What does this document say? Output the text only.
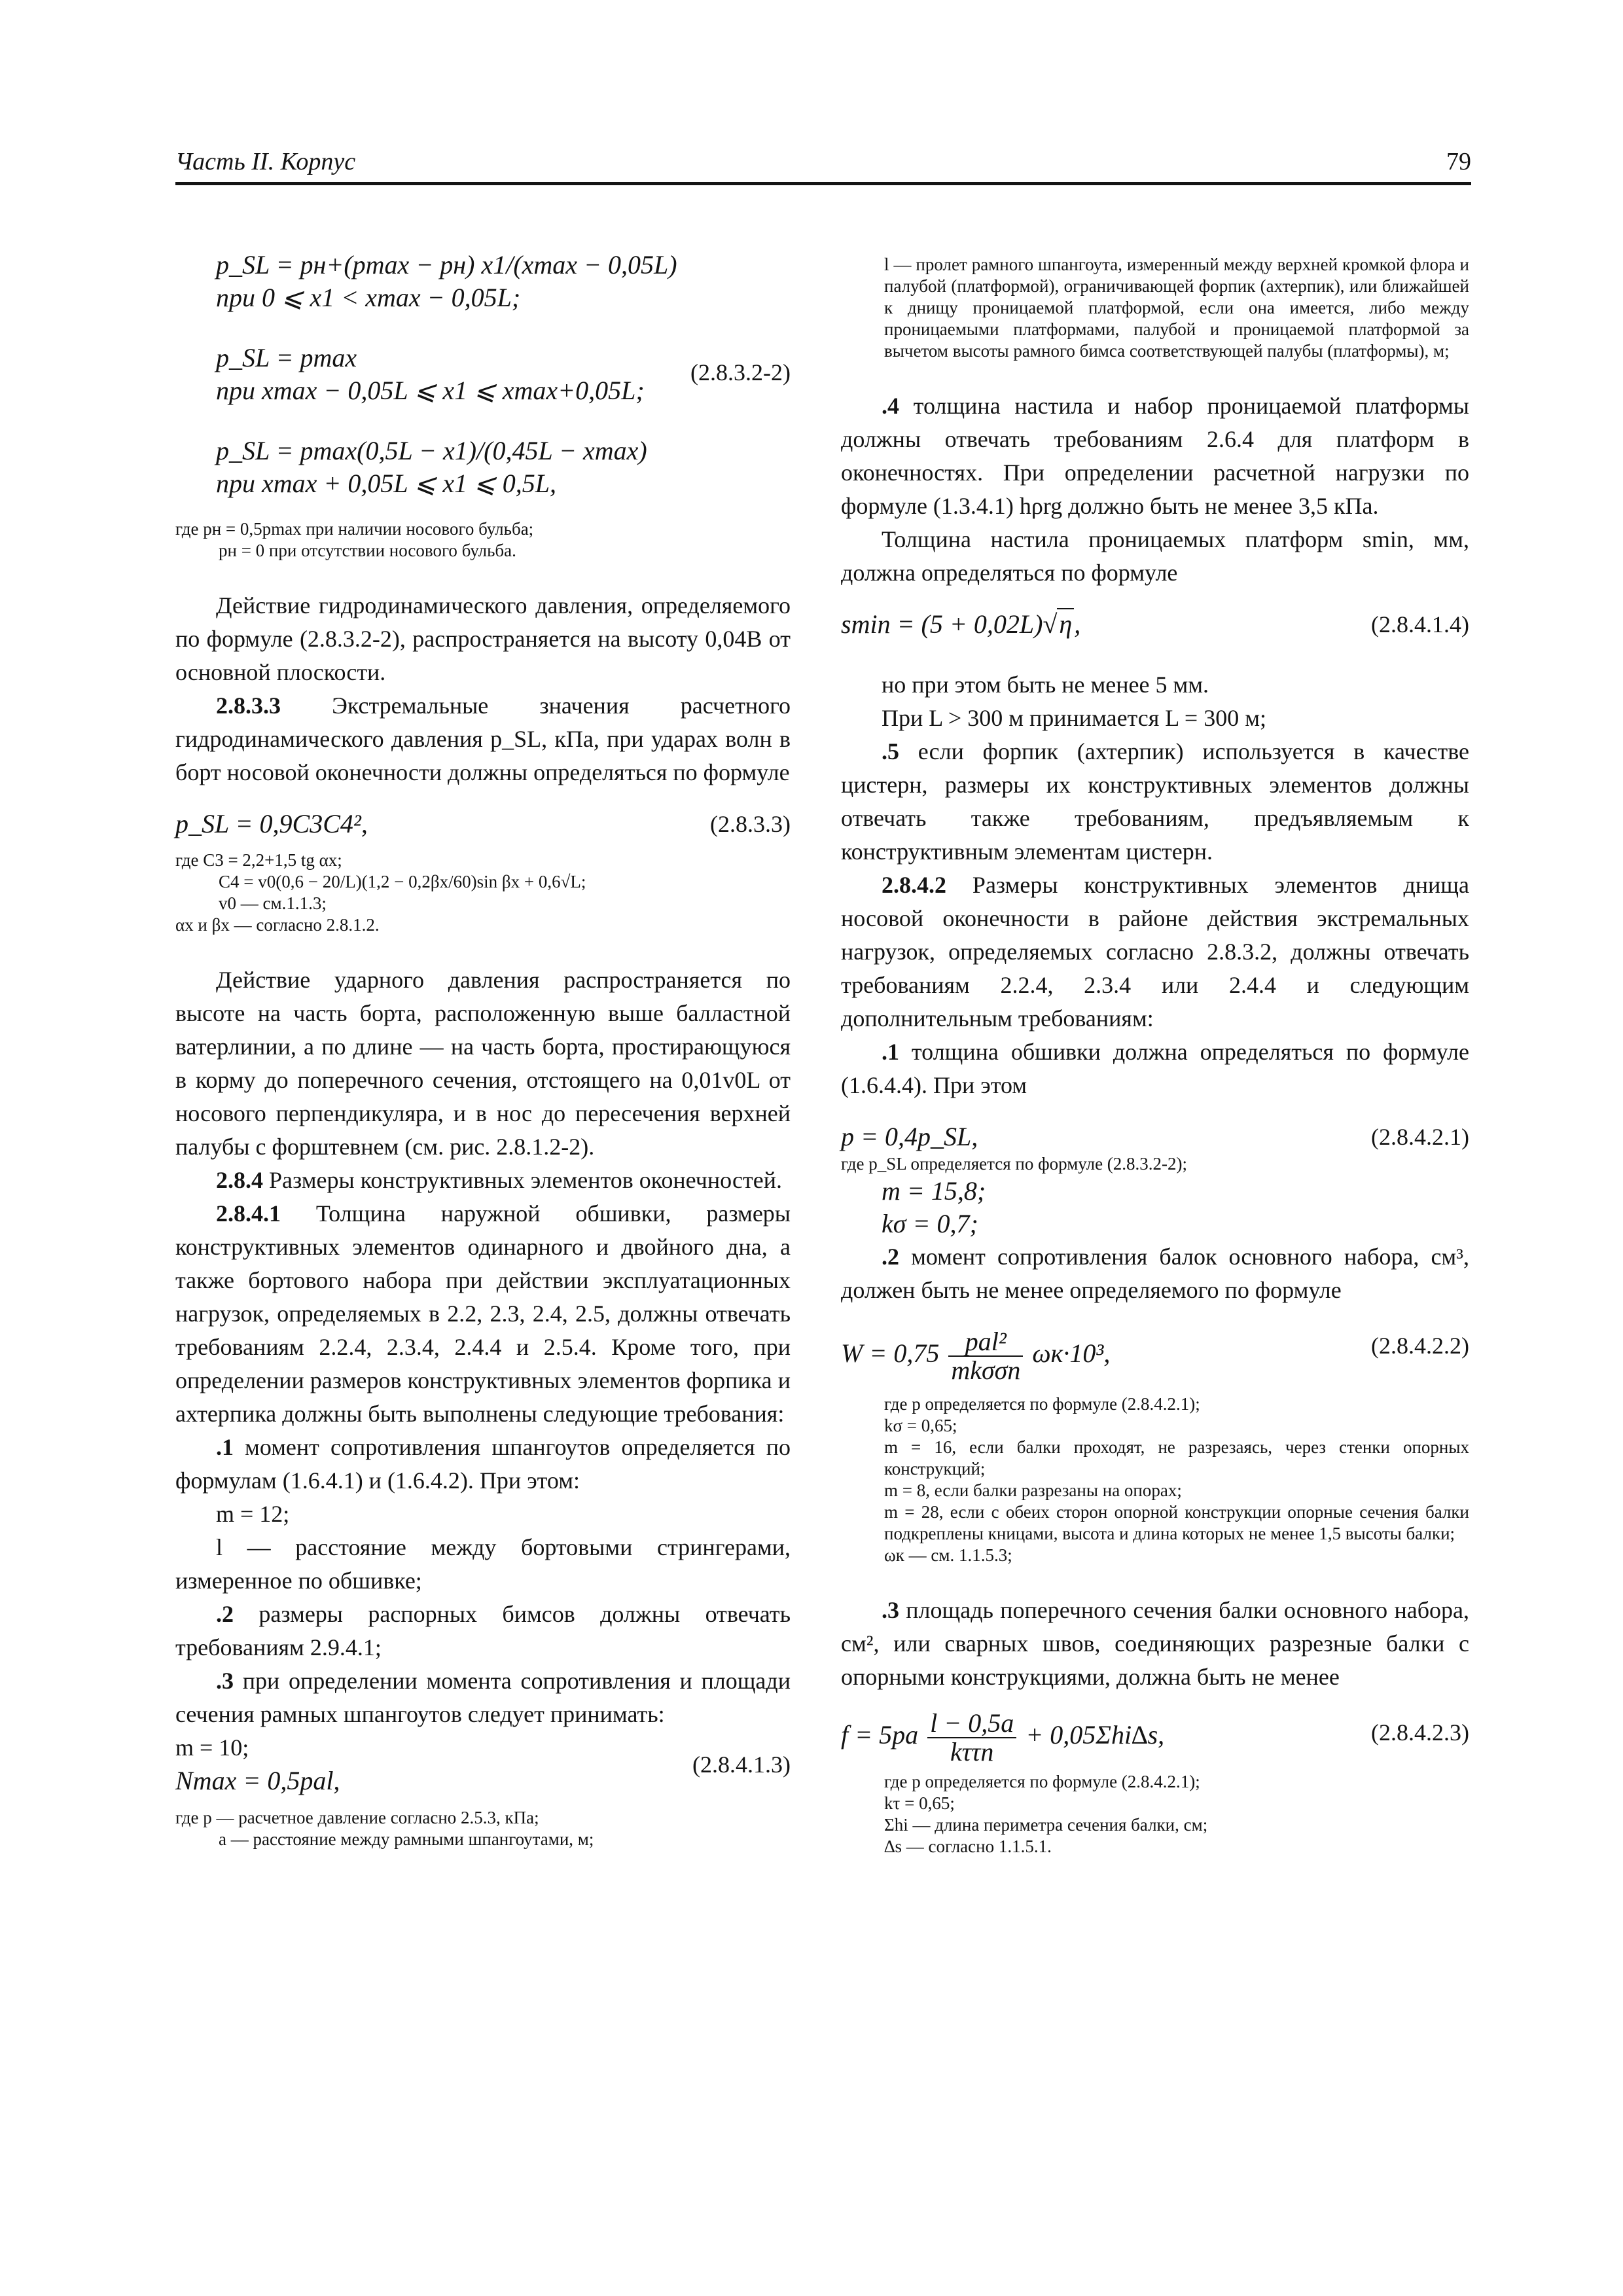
Часть II. Корпус	79
p_SL = pн+(pmax − pн) x1/(xmax − 0,05L)
при 0 ⩽ x1 < xmax − 0,05L;
p_SL = pmax	(2.8.3.2-2)
при xmax − 0,05L ⩽ x1 ⩽ xmax+0,05L;
p_SL = pmax(0,5L − x1)/(0,45L − xmax)
при xmax + 0,05L ⩽ x1 ⩽ 0,5L,
где pн = 0,5pmax при наличии носового бульба;
pн = 0 при отсутствии носового бульба.

Действие гидродинамического давления, определяемого по формуле (2.8.3.2-2), распространяется на высоту 0,04B от основной плоскости.

2.8.3.3 Экстремальные значения расчетного гидродинамического давления p_SL, кПа, при ударах волн в борт носовой оконечности должны определяться по формуле

p_SL = 0,9C3C4²,	(2.8.3.3)
где C3 = 2,2+1,5 tg αx;
C4 = v0(0,6 − 20/L)(1,2 − 0,2βx/60)sin βx + 0,6√L;
v0 — см.1.1.3;
αx и βx — согласно 2.8.1.2.

Действие ударного давления распространяется по высоте на часть борта, расположенную выше балластной ватерлинии, а по длине — на часть борта, простирающуюся в корму до поперечного сечения, отстоящего на 0,01v0L от носового перпендикуляра, и в нос до пересечения верхней палубы с форштевнем (см. рис. 2.8.1.2-2).

2.8.4 Размеры конструктивных элементов оконечностей.

2.8.4.1 Толщина наружной обшивки, размеры конструктивных элементов одинарного и двойного дна, а также бортового набора при действии эксплуатационных нагрузок, определяемых в 2.2, 2.3, 2.4, 2.5, должны отвечать требованиям 2.2.4, 2.3.4, 2.4.4 и 2.5.4. Кроме того, при определении размеров конструктивных элементов форпика и ахтерпика должны быть выполнены следующие требования:

.1 момент сопротивления шпангоутов определяется по формулам (1.6.4.1) и (1.6.4.2). При этом:

m = 12;

l — расстояние между бортовыми стрингерами, измеренное по обшивке;

.2 размеры распорных бимсов должны отвечать требованиям 2.9.4.1;

.3 при определении момента сопротивления и площади сечения рамных шпангоутов следует принимать:

m = 10;
Nmax = 0,5pal,
(2.8.4.1.3)
где p — расчетное давление согласно 2.5.3, кПа;
a — расстояние между рамными шпангоутами, м;

l — пролет рамного шпангоута, измеренный между верхней кромкой флора и палубой (платформой), ограничивающей форпик (ахтерпик), или ближайшей к днищу проницаемой платформой, если она имеется, либо между проницаемыми платформами, палубой и проницаемой платформой за вычетом высоты рамного бимса соответствующей палубы (платформы), м;

.4 толщина настила и набор проницаемой платформы должны отвечать требованиям 2.6.4 для платформ в оконечностях. При определении расчетной нагрузки по формуле (1.3.4.1) hρrg должно быть не менее 3,5 кПа.

Толщина настила проницаемых платформ smin, мм, должна определяться по формуле

smin = (5 + 0,02L)√η,	(2.8.4.1.4)

но при этом быть не менее 5 мм.

При L > 300 м принимается L = 300 м;

.5 если форпик (ахтерпик) используется в качестве цистерн, размеры их конструктивных элементов должны отвечать также требованиям, предъявляемым к конструктивным элементам цистерн.

2.8.4.2 Размеры конструктивных элементов днища носовой оконечности в районе действия экстремальных нагрузок, определяемых согласно 2.8.3.2, должны отвечать требованиям 2.2.4, 2.3.4 или 2.4.4 и следующим дополнительным требованиям:

.1 толщина обшивки должна определяться по формуле (1.6.4.4). При этом

p = 0,4p_SL,	(2.8.4.2.1)
где p_SL определяется по формуле (2.8.3.2-2);
m = 15,8;
kσ = 0,7;

.2 момент сопротивления балок основного набора, см³, должен быть не менее определяемого по формуле

$W = 0,75 \frac{\text{pal²}}{\text{mkσσn}} \omega к\cdot 10^3$,	(2.8.4.2.2)
где p определяется по формуле (2.8.4.2.1);
kσ = 0,65;

m = 16, если балки проходят, не разрезаясь, через стенки опорных конструкций;

m = 8, если балки разрезаны на опорах;

m = 28, если с обеих сторон опорной конструкции опорные сечения балки подкреплены кницами, высота и длина которых не менее 1,5 высоты балки;

ωк — см. 1.1.5.3;

.3 площадь поперечного сечения балки основного набора, см², или сварных швов, соединяющих разрезные балки с опорными конструкциями, должна быть не менее

$f = 5pa \frac{l - 0,5a}{\text{kττn}} + 0,05\Sigma hi\Delta s$,	(2.8.4.2.3)
где p определяется по формуле (2.8.4.2.1);
kτ = 0,65;
Σhi — длина периметра сечения балки, см;
∆s — согласно 1.1.5.1.
